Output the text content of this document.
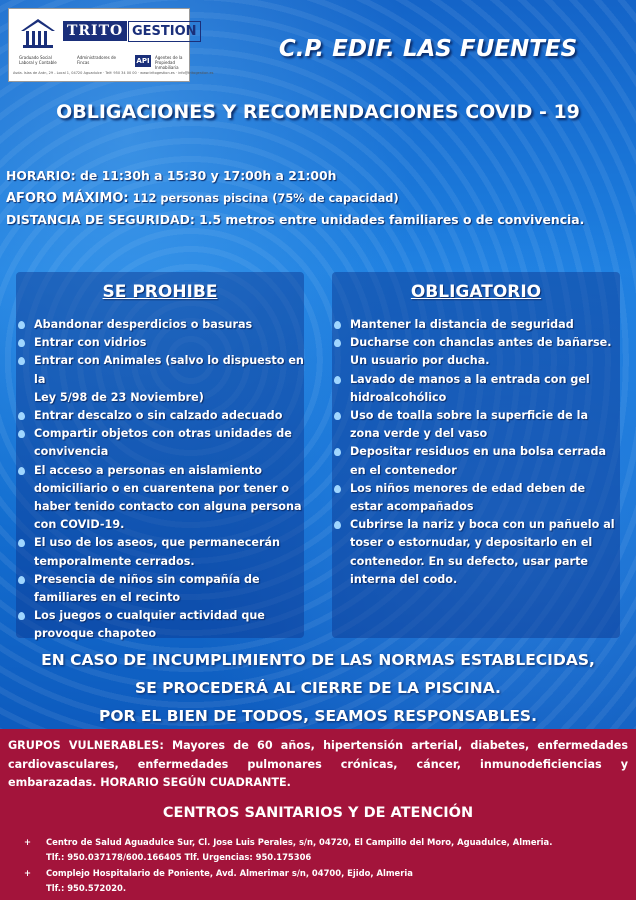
TRITO GESTION
Graduado Social Laboral y Contable
Administradores de Fincas	API	Agentes de la Propiedad Inmobiliaria
Avda. Islas de Arán, 29 - Local 1, 04720 Aguadulce · Telf: 950 34 00 00 · www.tritogestion.es · info@tritogestion.es
C.P. EDIF. LAS FUENTES
OBLIGACIONES Y RECOMENDACIONES COVID - 19
HORARIO: de 11:30h a 15:30 y 17:00h a 21:00h
AFORO MÁXIMO: 112 personas piscina (75% de capacidad)
DISTANCIA DE SEGURIDAD: 1.5 metros entre unidades familiares o de convivencia.
SE PROHIBE
Abandonar desperdicios o basuras
Entrar con vidrios
Entrar con Animales (salvo lo dispuesto en la
Ley 5/98 de 23 Noviembre)
Entrar descalzo o sin calzado adecuado
Compartir objetos con otras unidades de
convivencia
El acceso a personas en aislamiento
domiciliario o en cuarentena por tener o
haber tenido contacto con alguna persona
con COVID-19.
El uso de los aseos, que permanecerán
temporalmente cerrados.
Presencia de niños sin compañía de
familiares en el recinto
Los juegos o cualquier actividad que
provoque chapoteo
OBLIGATORIO
Mantener la distancia de seguridad
Ducharse con chanclas antes de bañarse.
Un usuario por ducha.
Lavado de manos a la entrada con gel
hidroalcohólico
Uso de toalla sobre la superficie de la
zona verde y del vaso
Depositar residuos en una bolsa cerrada
en el contenedor
Los niños menores de edad deben de
estar acompañados
Cubrirse la nariz y boca con un pañuelo al
toser o estornudar, y depositarlo en el
contenedor. En su defecto, usar parte
interna del codo.
EN CASO DE INCUMPLIMIENTO DE LAS NORMAS ESTABLECIDAS,
SE PROCEDERÁ AL CIERRE DE LA PISCINA.
POR EL BIEN DE TODOS, SEAMOS RESPONSABLES.
GRUPOS VULNERABLES: Mayores de 60 años, hipertensión arterial, diabetes, enfermedades cardiovasculares, enfermedades pulmonares crónicas, cáncer, inmunodeficiencias y embarazadas. HORARIO SEGÚN CUADRANTE.
CENTROS SANITARIOS Y DE ATENCIÓN
+	Centro de Salud Aguadulce Sur, Cl. Jose Luis Perales, s/n, 04720, El Campillo del Moro, Aguadulce, Almeria.
Tlf.: 950.037178/600.166405 Tlf. Urgencias: 950.175306
+	Complejo Hospitalario de Poniente, Avd. Almerimar s/n, 04700, Ejido, Almeria
Tlf.: 950.572020.
